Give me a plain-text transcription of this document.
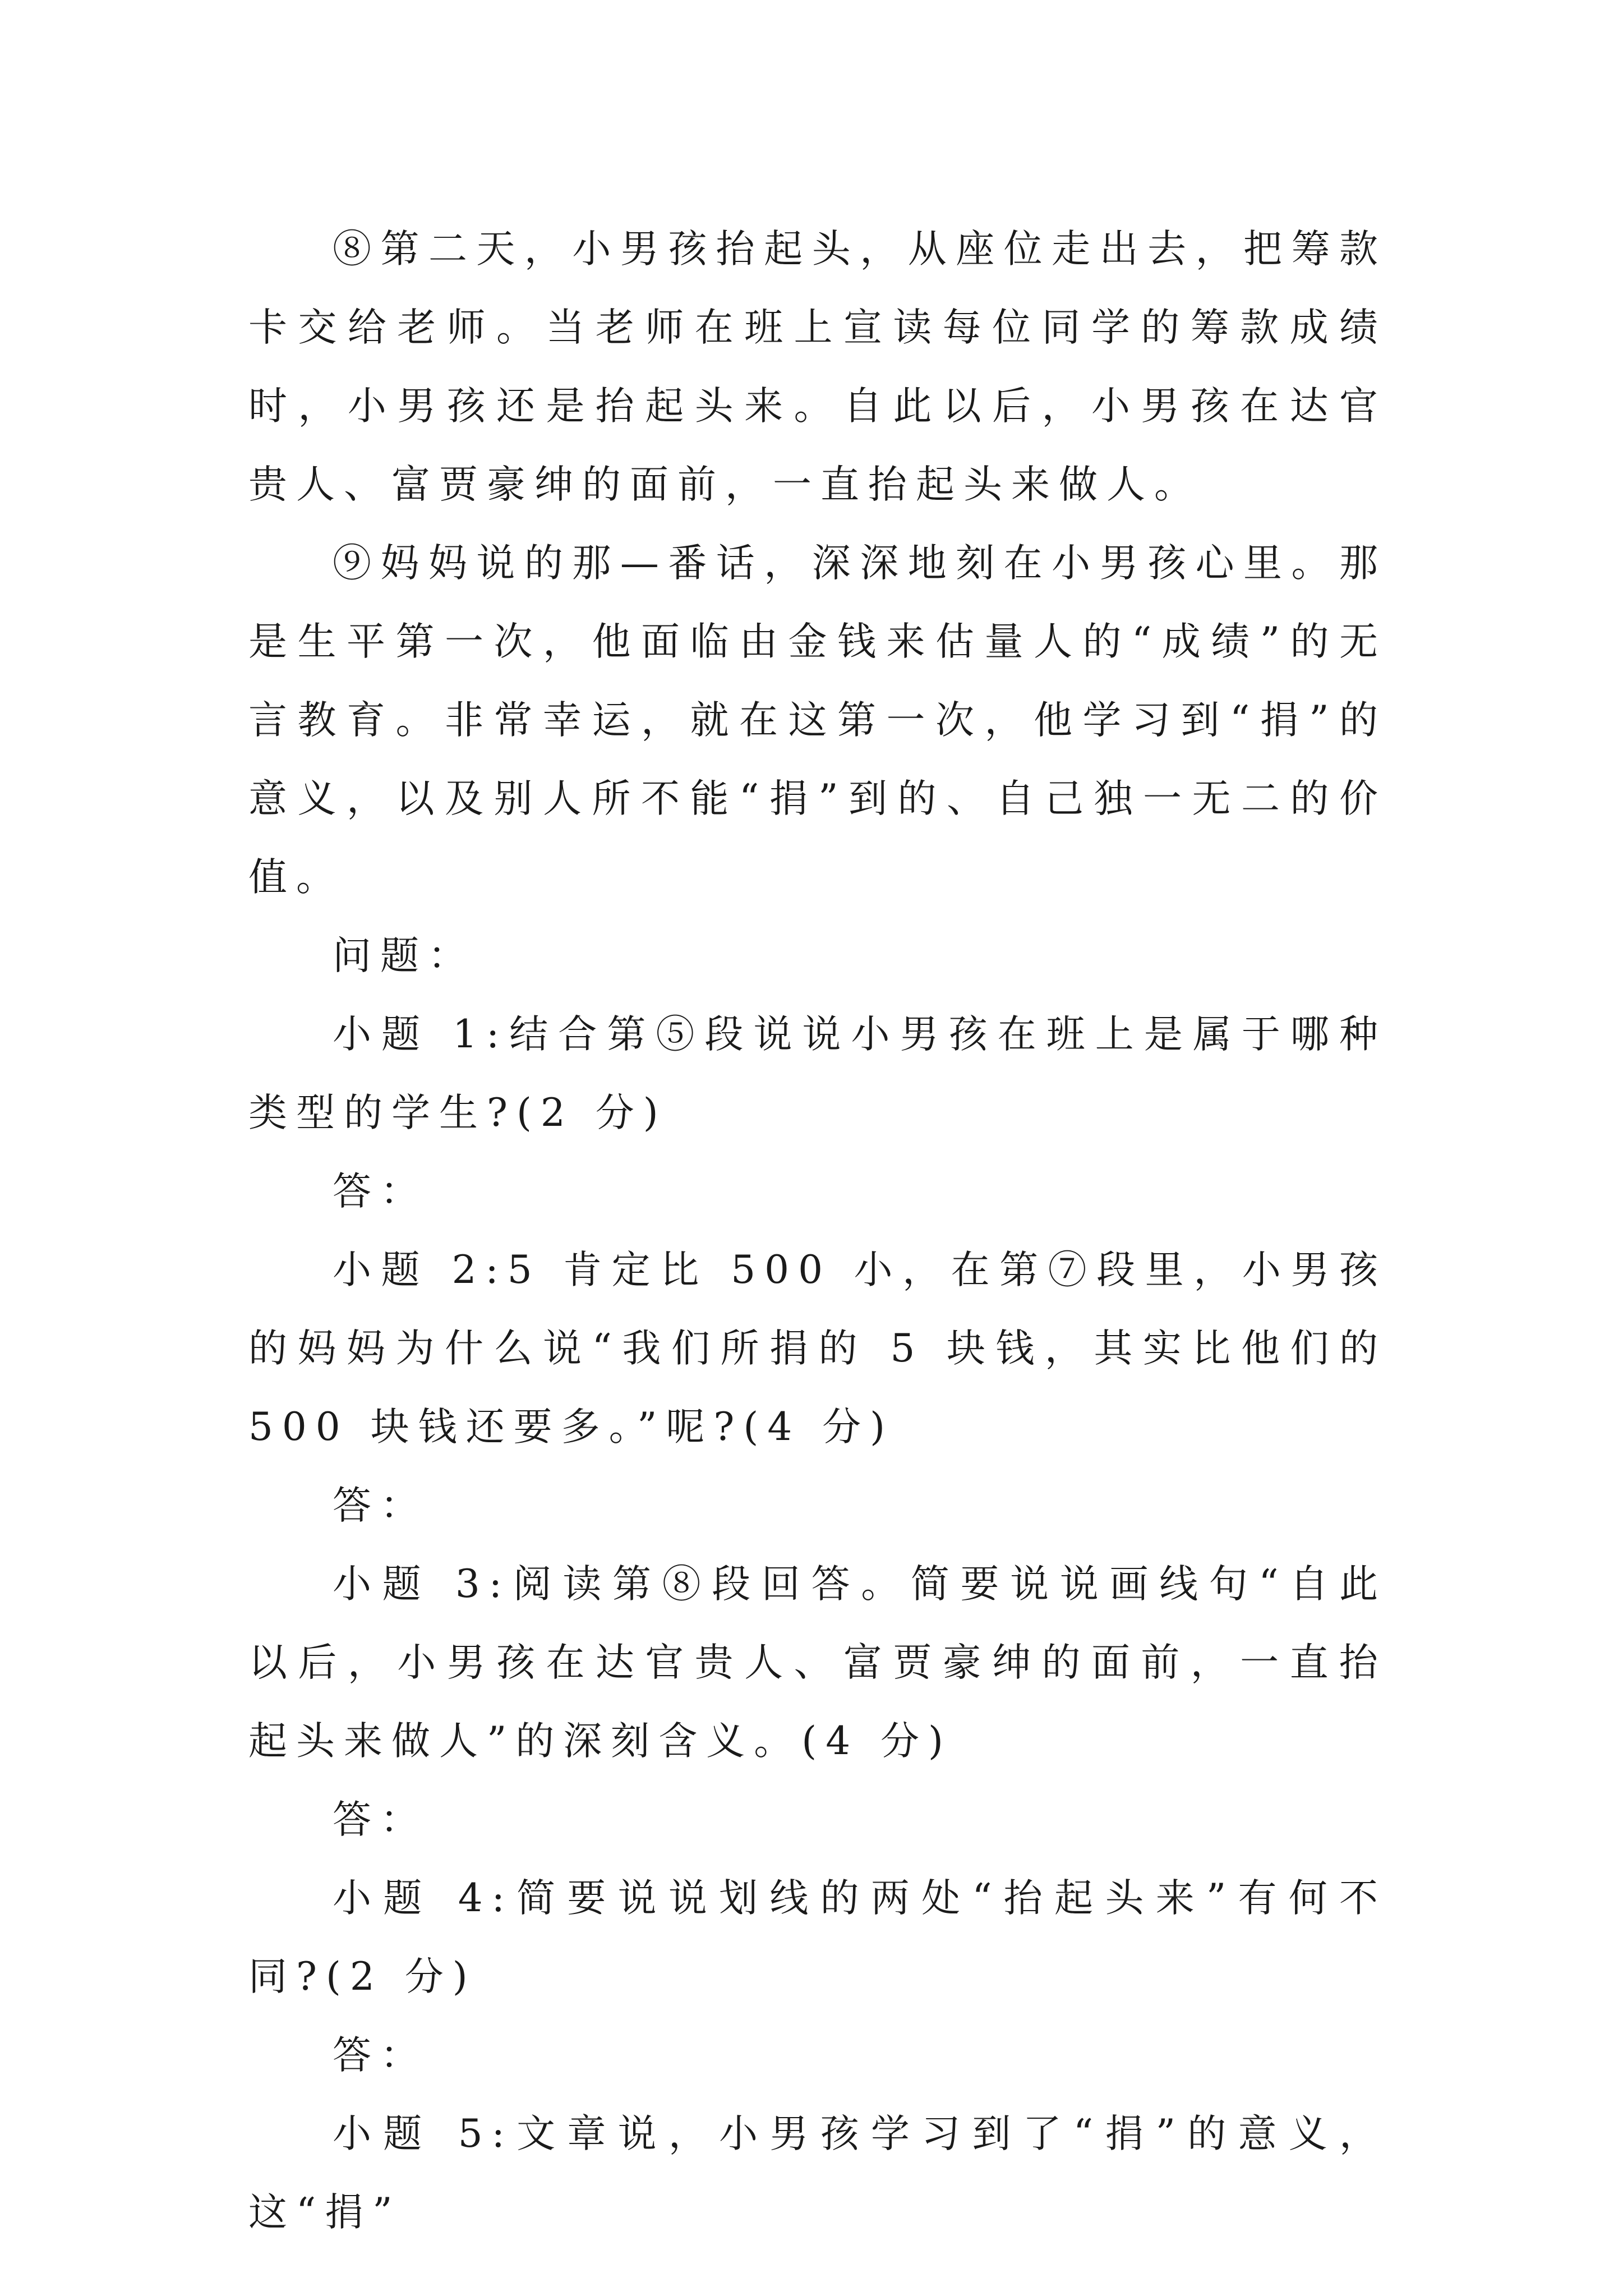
⑧第二天，小男孩抬起头，从座位走出去，把筹款卡交给老师。当老师在班上宣读每位同学的筹款成绩时，小男孩还是抬起头来。自此以后，小男孩在达官贵人、富贾豪绅的面前，一直抬起头来做人。

⑨妈妈说的那—番话，深深地刻在小男孩心里。那是生平第一次，他面临由金钱来估量人的“成绩”的无言教育。非常幸运，就在这第一次，他学习到“捐”的意义，以及别人所不能“捐”到的、自己独一无二的价值。

问题：

小题 1:结合第⑤段说说小男孩在班上是属于哪种类型的学生?(2 分)

答：

小题 2:5 肯定比 500 小，在第⑦段里，小男孩的妈妈为什么说“我们所捐的 5 块钱，其实比他们的 500 块钱还要多。”呢?(4 分)

答：

小题 3:阅读第⑧段回答。简要说说画线句“自此以后，小男孩在达官贵人、富贾豪绅的面前，一直抬起头来做人”的深刻含义。(4 分)

答：

小题 4:简要说说划线的两处“抬起头来”有何不同?(2 分)

答：

小题 5:文章说，小男孩学习到了“捐”的意义，这“捐”
